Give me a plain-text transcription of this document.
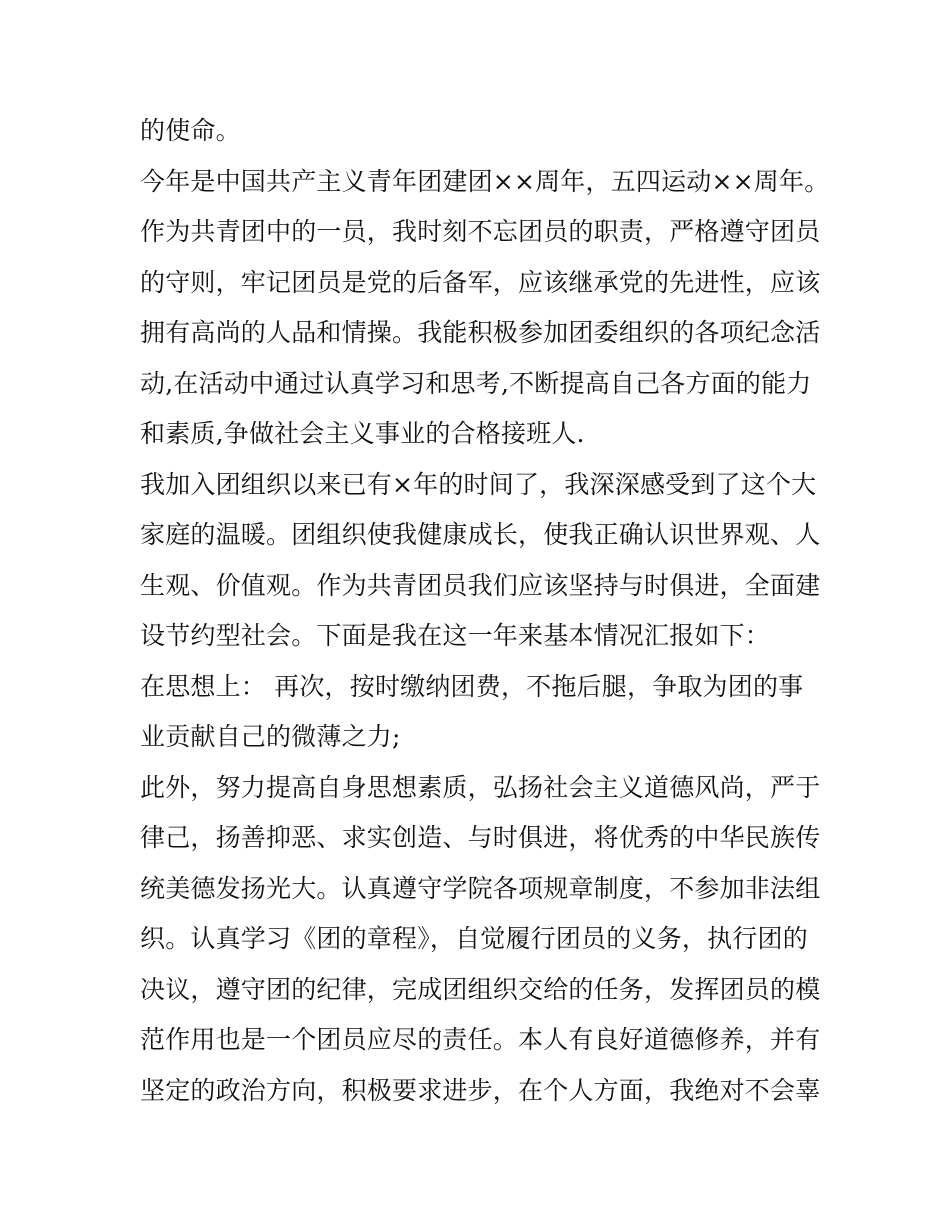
的使命。
今年是中国共产主义青年团建团××周年，五四运动××周年。
作为共青团中的一员，我时刻不忘团员的职责，严格遵守团员
的守则，牢记团员是党的后备军，应该继承党的先进性，应该
拥有高尚的人品和情操。我能积极参加团委组织的各项纪念活
动,在活动中通过认真学习和思考,不断提高自己各方面的能力
和素质,争做社会主义事业的合格接班人.
我加入团组织以来已有×年的时间了，我深深感受到了这个大
家庭的温暖。团组织使我健康成长，使我正确认识世界观、人
生观、价值观。作为共青团员我们应该坚持与时俱进，全面建
设节约型社会。下面是我在这一年来基本情况汇报如下：
在思想上： 再次，按时缴纳团费，不拖后腿，争取为团的事
业贡献自己的微薄之力;
此外，努力提高自身思想素质，弘扬社会主义道德风尚，严于
律己，扬善抑恶、求实创造、与时俱进，将优秀的中华民族传
统美德发扬光大。认真遵守学院各项规章制度，不参加非法组
织。认真学习《团的章程》，自觉履行团员的义务，执行团的
决议，遵守团的纪律，完成团组织交给的任务，发挥团员的模
范作用也是一个团员应尽的责任。本人有良好道德修养，并有
坚定的政治方向，积极要求进步，在个人方面，我绝对不会辜
